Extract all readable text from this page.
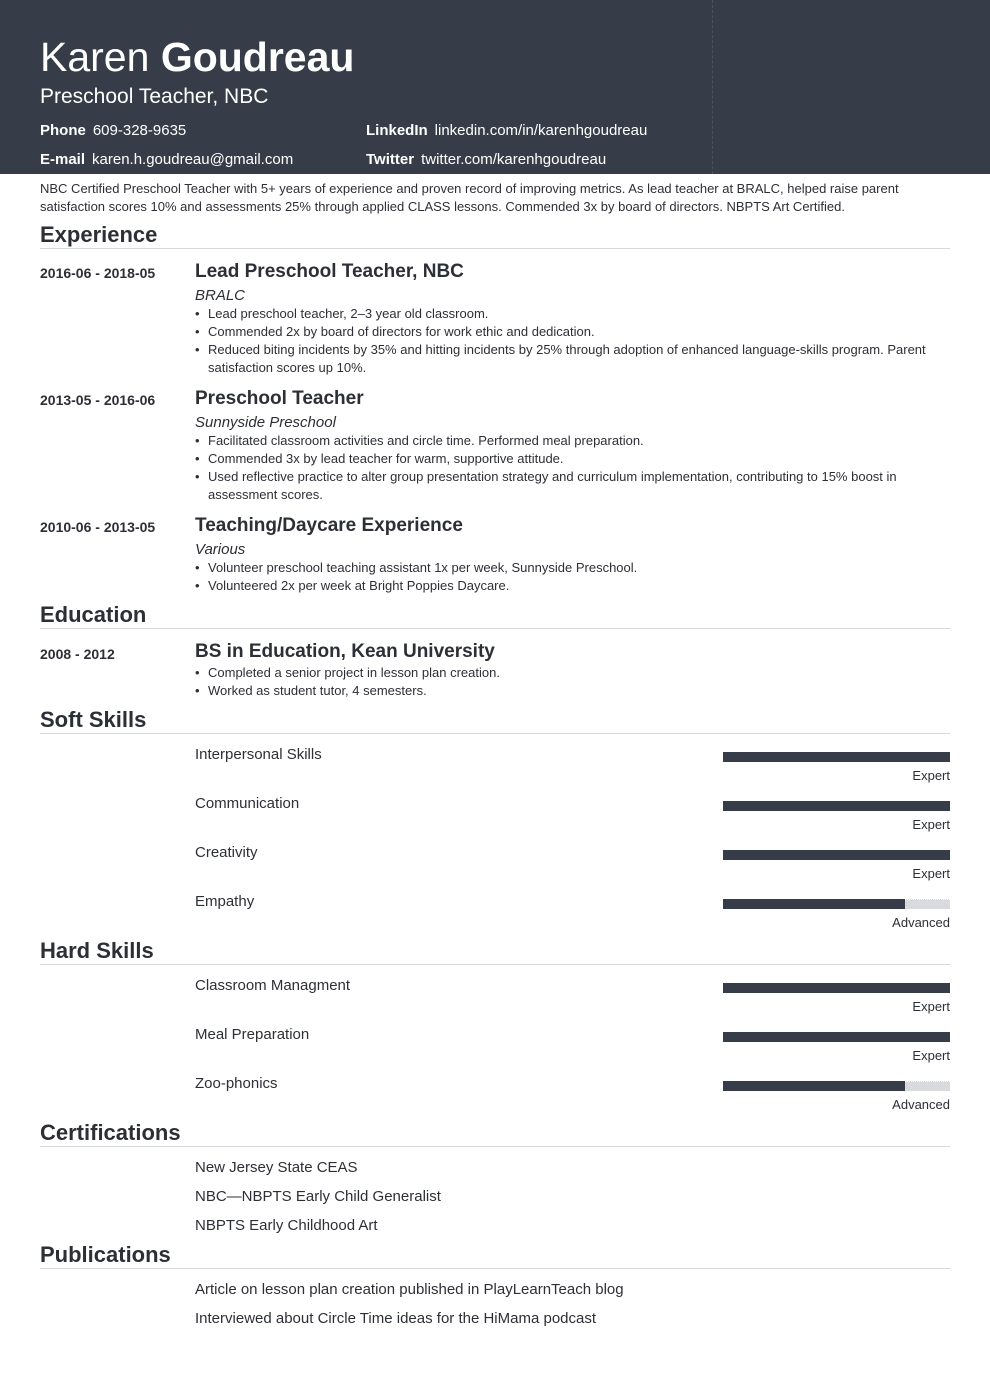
Karen Goudreau
Preschool Teacher, NBC
Phone 609-328-9635
E-mail karen.h.goudreau@gmail.com
LinkedIn linkedin.com/in/karenhgoudreau
Twitter twitter.com/karenhgoudreau
NBC Certified Preschool Teacher with 5+ years of experience and proven record of improving metrics. As lead teacher at BRALC, helped raise parent satisfaction scores 10% and assessments 25% through applied CLASS lessons. Commended 3x by board of directors. NBPTS Art Certified.
Experience
2016-06 - 2018-05 Lead Preschool Teacher, NBC
BRALC
• Lead preschool teacher, 2–3 year old classroom.
• Commended 2x by board of directors for work ethic and dedication.
• Reduced biting incidents by 35% and hitting incidents by 25% through adoption of enhanced language-skills program. Parent satisfaction scores up 10%.
2013-05 - 2016-06 Preschool Teacher
Sunnyside Preschool
• Facilitated classroom activities and circle time. Performed meal preparation.
• Commended 3x by lead teacher for warm, supportive attitude.
• Used reflective practice to alter group presentation strategy and curriculum implementation, contributing to 15% boost in assessment scores.
2010-06 - 2013-05 Teaching/Daycare Experience
Various
• Volunteer preschool teaching assistant 1x per week, Sunnyside Preschool.
• Volunteered 2x per week at Bright Poppies Daycare.
Education
2008 - 2012	BS in Education, Kean University
• Completed a senior project in lesson plan creation.
• Worked as student tutor, 4 semesters.
Soft Skills
Interpersonal Skills
Expert
Communication
Expert
Creativity
Expert
Empathy
Advanced
Hard Skills
Classroom Managment
Expert
Meal Preparation
Expert
Zoo-phonics
Advanced
Certifications
New Jersey State CEAS
NBC—NBPTS Early Child Generalist
NBPTS Early Childhood Art
Publications
Article on lesson plan creation published in PlayLearnTeach blog
Interviewed about Circle Time ideas for the HiMama podcast
